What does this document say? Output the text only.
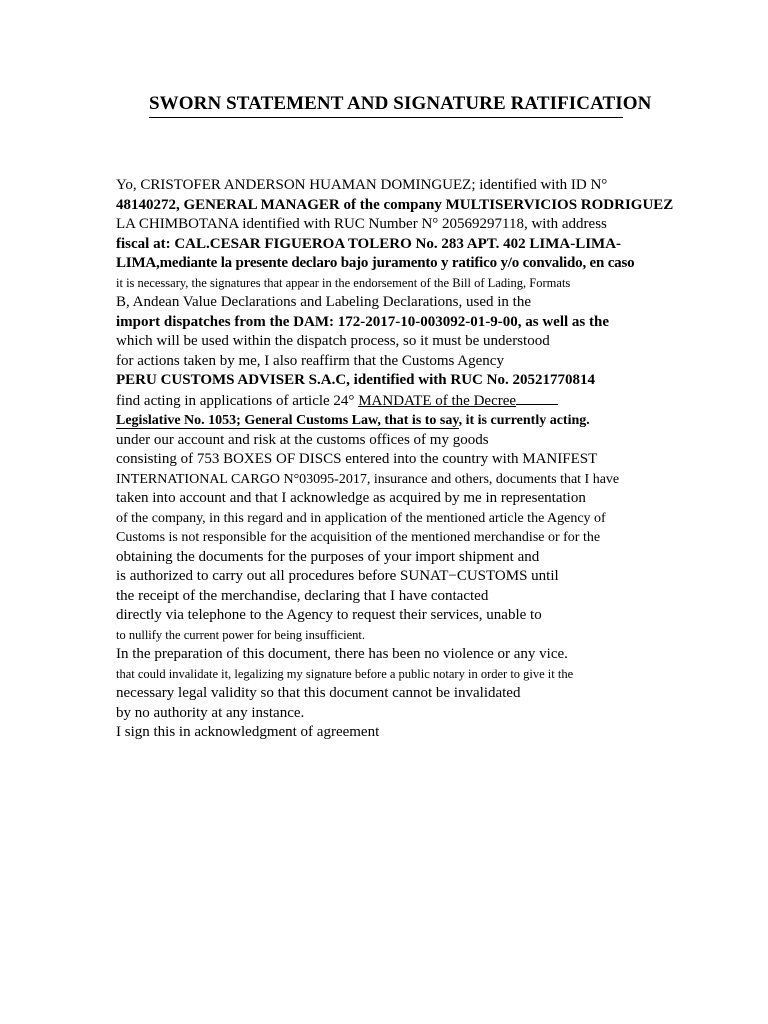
SWORN STATEMENT AND SIGNATURE RATIFICATION
Yo, CRISTOFER ANDERSON HUAMAN DOMINGUEZ; identified with ID N°
48140272, GENERAL MANAGER of the company MULTISERVICIOS RODRIGUEZ
LA CHIMBOTANA identified with RUC Number N° 20569297118, with address
fiscal at: CAL.CESAR FIGUEROA TOLERO No. 283 APT. 402 LIMA-LIMA-
LIMA,mediante la presente declaro bajo juramento y ratifico y/o convalido, en caso
it is necessary, the signatures that appear in the endorsement of the Bill of Lading, Formats
B, Andean Value Declarations and Labeling Declarations, used in the
import dispatches from the DAM: 172-2017-10-003092-01-9-00, as well as the
which will be used within the dispatch process, so it must be understood
for actions taken by me, I also reaffirm that the Customs Agency
PERU CUSTOMS ADVISER S.A.C, identified with RUC No. 20521770814
find acting in applications of article 24° MANDATE of the Decree
Legislative No. 1053; General Customs Law, that is to say, it is currently acting.
under our account and risk at the customs offices of my goods
consisting of 753 BOXES OF DISCS entered into the country with MANIFEST
INTERNATIONAL CARGO N°03095-2017, insurance and others, documents that I have
taken into account and that I acknowledge as acquired by me in representation
of the company, in this regard and in application of the mentioned article the Agency of
Customs is not responsible for the acquisition of the mentioned merchandise or for the
obtaining the documents for the purposes of your import shipment and
is authorized to carry out all procedures before SUNAT−CUSTOMS until
the receipt of the merchandise, declaring that I have contacted
directly via telephone to the Agency to request their services, unable to
to nullify the current power for being insufficient.
In the preparation of this document, there has been no violence or any vice.
that could invalidate it, legalizing my signature before a public notary in order to give it the
necessary legal validity so that this document cannot be invalidated
by no authority at any instance.
I sign this in acknowledgment of agreement
